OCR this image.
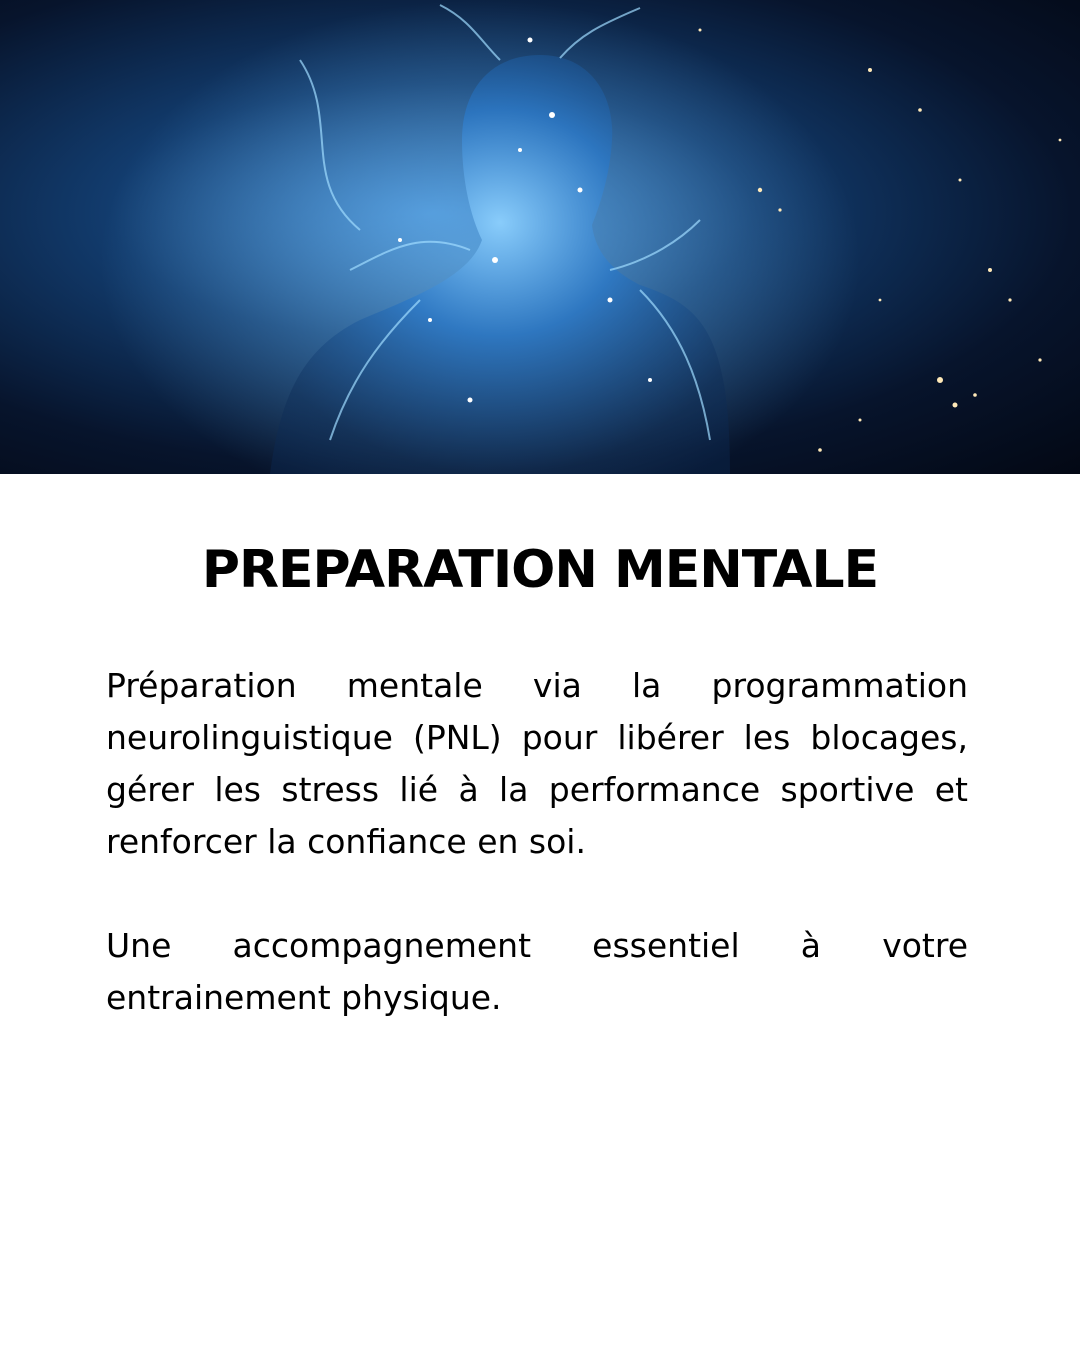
PREPARATION MENTALE

Préparation mentale via la programmation neurolinguistique (PNL) pour libérer les blocages, gérer les stress lié à la performance sportive et renforcer la confiance en soi.

Une accompagnement essentiel à votre entrainement physique.
